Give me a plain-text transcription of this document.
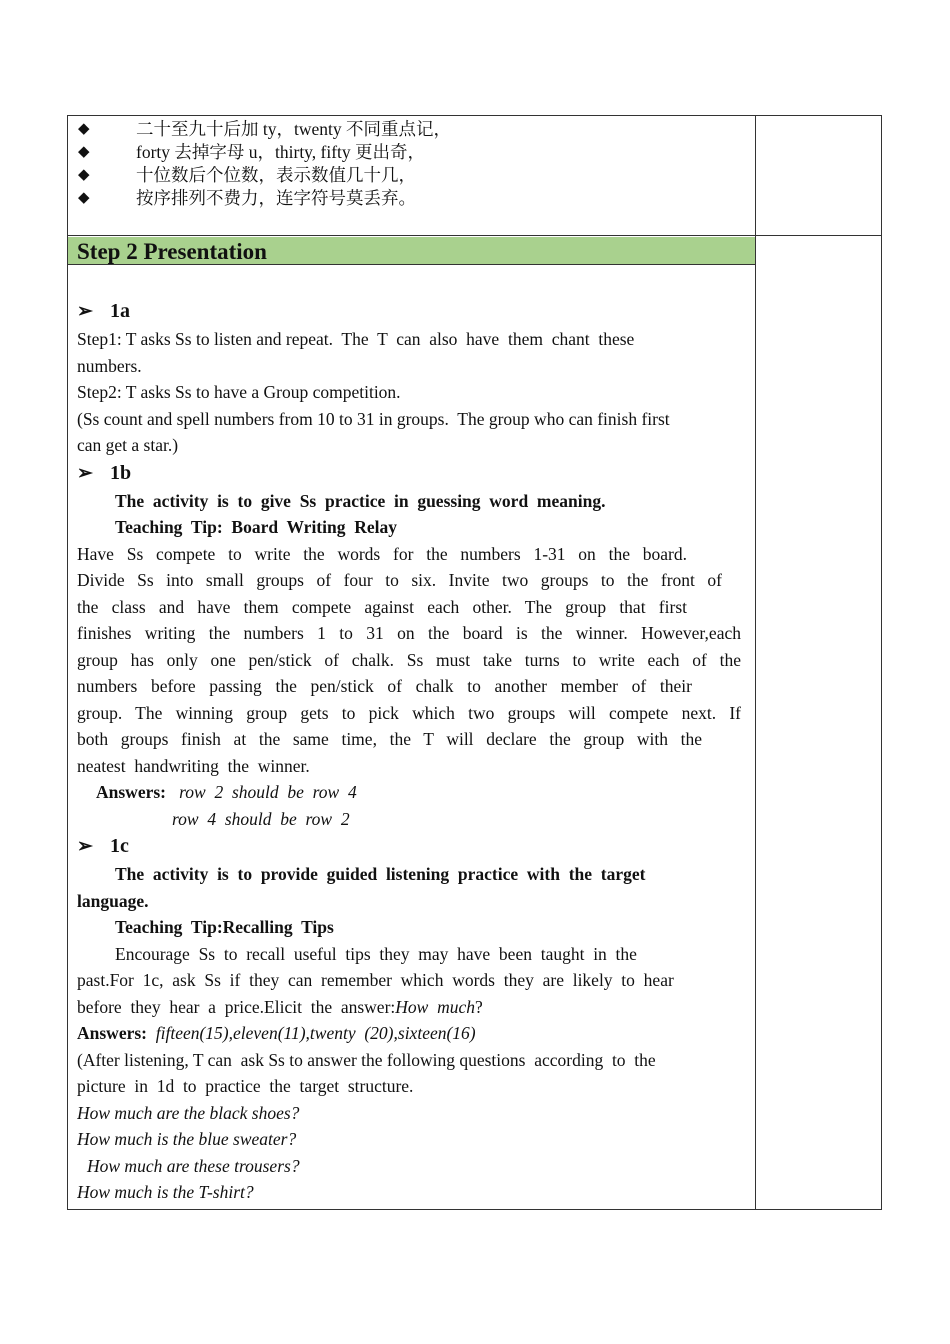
◆	二十至九十后加 ty，twenty 不同重点记，
◆	forty 去掉字母 u，thirty, fifty 更出奇，
◆	十位数后个位数，表示数值几十几，
◆	按序排列不费力，连字符号莫丢弃。
Step 2 Presentation
➢ 1a
Step1: T asks Ss to listen and repeat.  The  T  can  also  have  them  chant  these
numbers.
Step2: T asks Ss to have a Group competition.
(Ss count and spell numbers from 10 to 31 in groups.  The group who can finish first
can get a star.)
➢ 1b
The  activity  is  to  give  Ss  practice  in  guessing  word  meaning.
Teaching  Tip:  Board  Writing  Relay
Have Ss compete to write the words for the numbers 1-31 on the board.
Divide Ss into small groups of four to six. Invite two groups to the front of
the class and have them compete against each other. The group that first
finishes writing the numbers 1 to 31 on the board is the winner. However,each
group has only one pen/stick of chalk. Ss must take turns to write each of the
numbers before passing the pen/stick of chalk to another member of their
group. The winning group gets to pick which two groups will compete next. If
both groups finish at the same time, the T will declare the group with the
neatest  handwriting  the  winner.
Answers:   row  2  should  be  row  4
row  4  should  be  row  2
➢ 1c
The  activity  is  to  provide  guided  listening  practice  with  the  target
language.
Teaching  Tip:Recalling  Tips
Encourage  Ss  to  recall  useful  tips  they  may  have  been  taught  in  the
past.For  1c,  ask  Ss  if  they  can  remember  which  words  they  are  likely  to  hear
before  they  hear  a  price.Elicit  the  answer:How  much?
Answers:  fifteen(15),eleven(11),twenty  (20),sixteen(16)
(After listening, T can  ask Ss to answer the following questions  according  to  the
picture  in  1d  to  practice  the  target  structure.
How much are the black shoes?
How much is the blue sweater?
How much are these trousers?
How much is the T-shirt?
